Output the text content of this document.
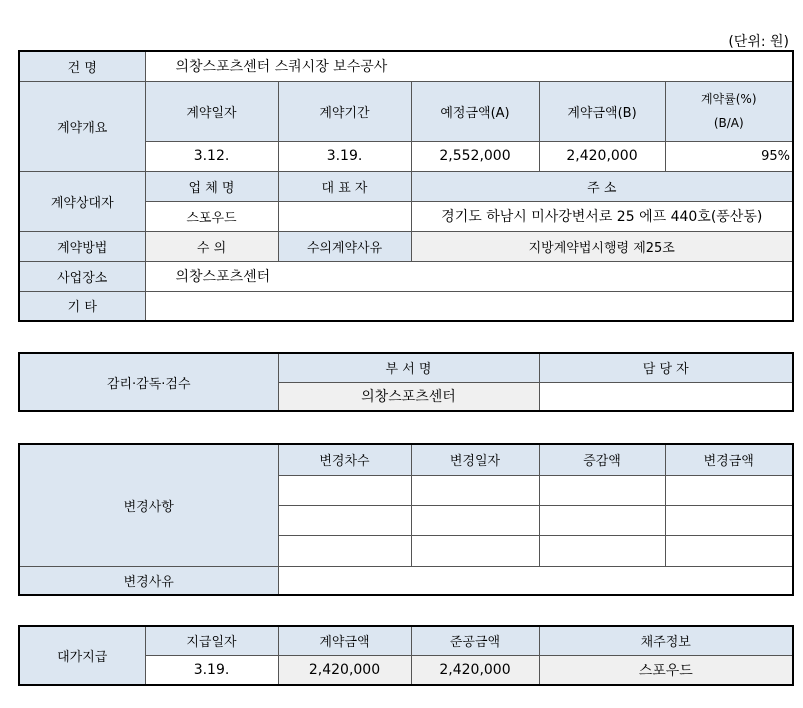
(단위: 원)
건 명	의창스포츠센터 스쿼시장 보수공사				
계약개요	계약일자	계약기간	예정금액(A)	계약금액(B)	계약률(%)
(B/A)

	3.12.	3.19.	2,552,000	2,420,000	95%
계약상대자	업 체 명	대 표 자	주 소		
	스포우드		경기도 하남시 미사강변서로 25 에프 440호(풍산동)		
계약방법	수 의	수의계약사유	지방계약법시행령 제25조		
사업장소	의창스포츠센터				
기 타					
감리·감독·검수	부 서 명	담 당 자
	의창스포츠센터	
변경사항	변경차수	변경일자	증감액	변경금액

변경사유				
대가지급	지급일자	계약금액	준공금액	채주정보
	3.19.	2,420,000	2,420,000	스포우드
